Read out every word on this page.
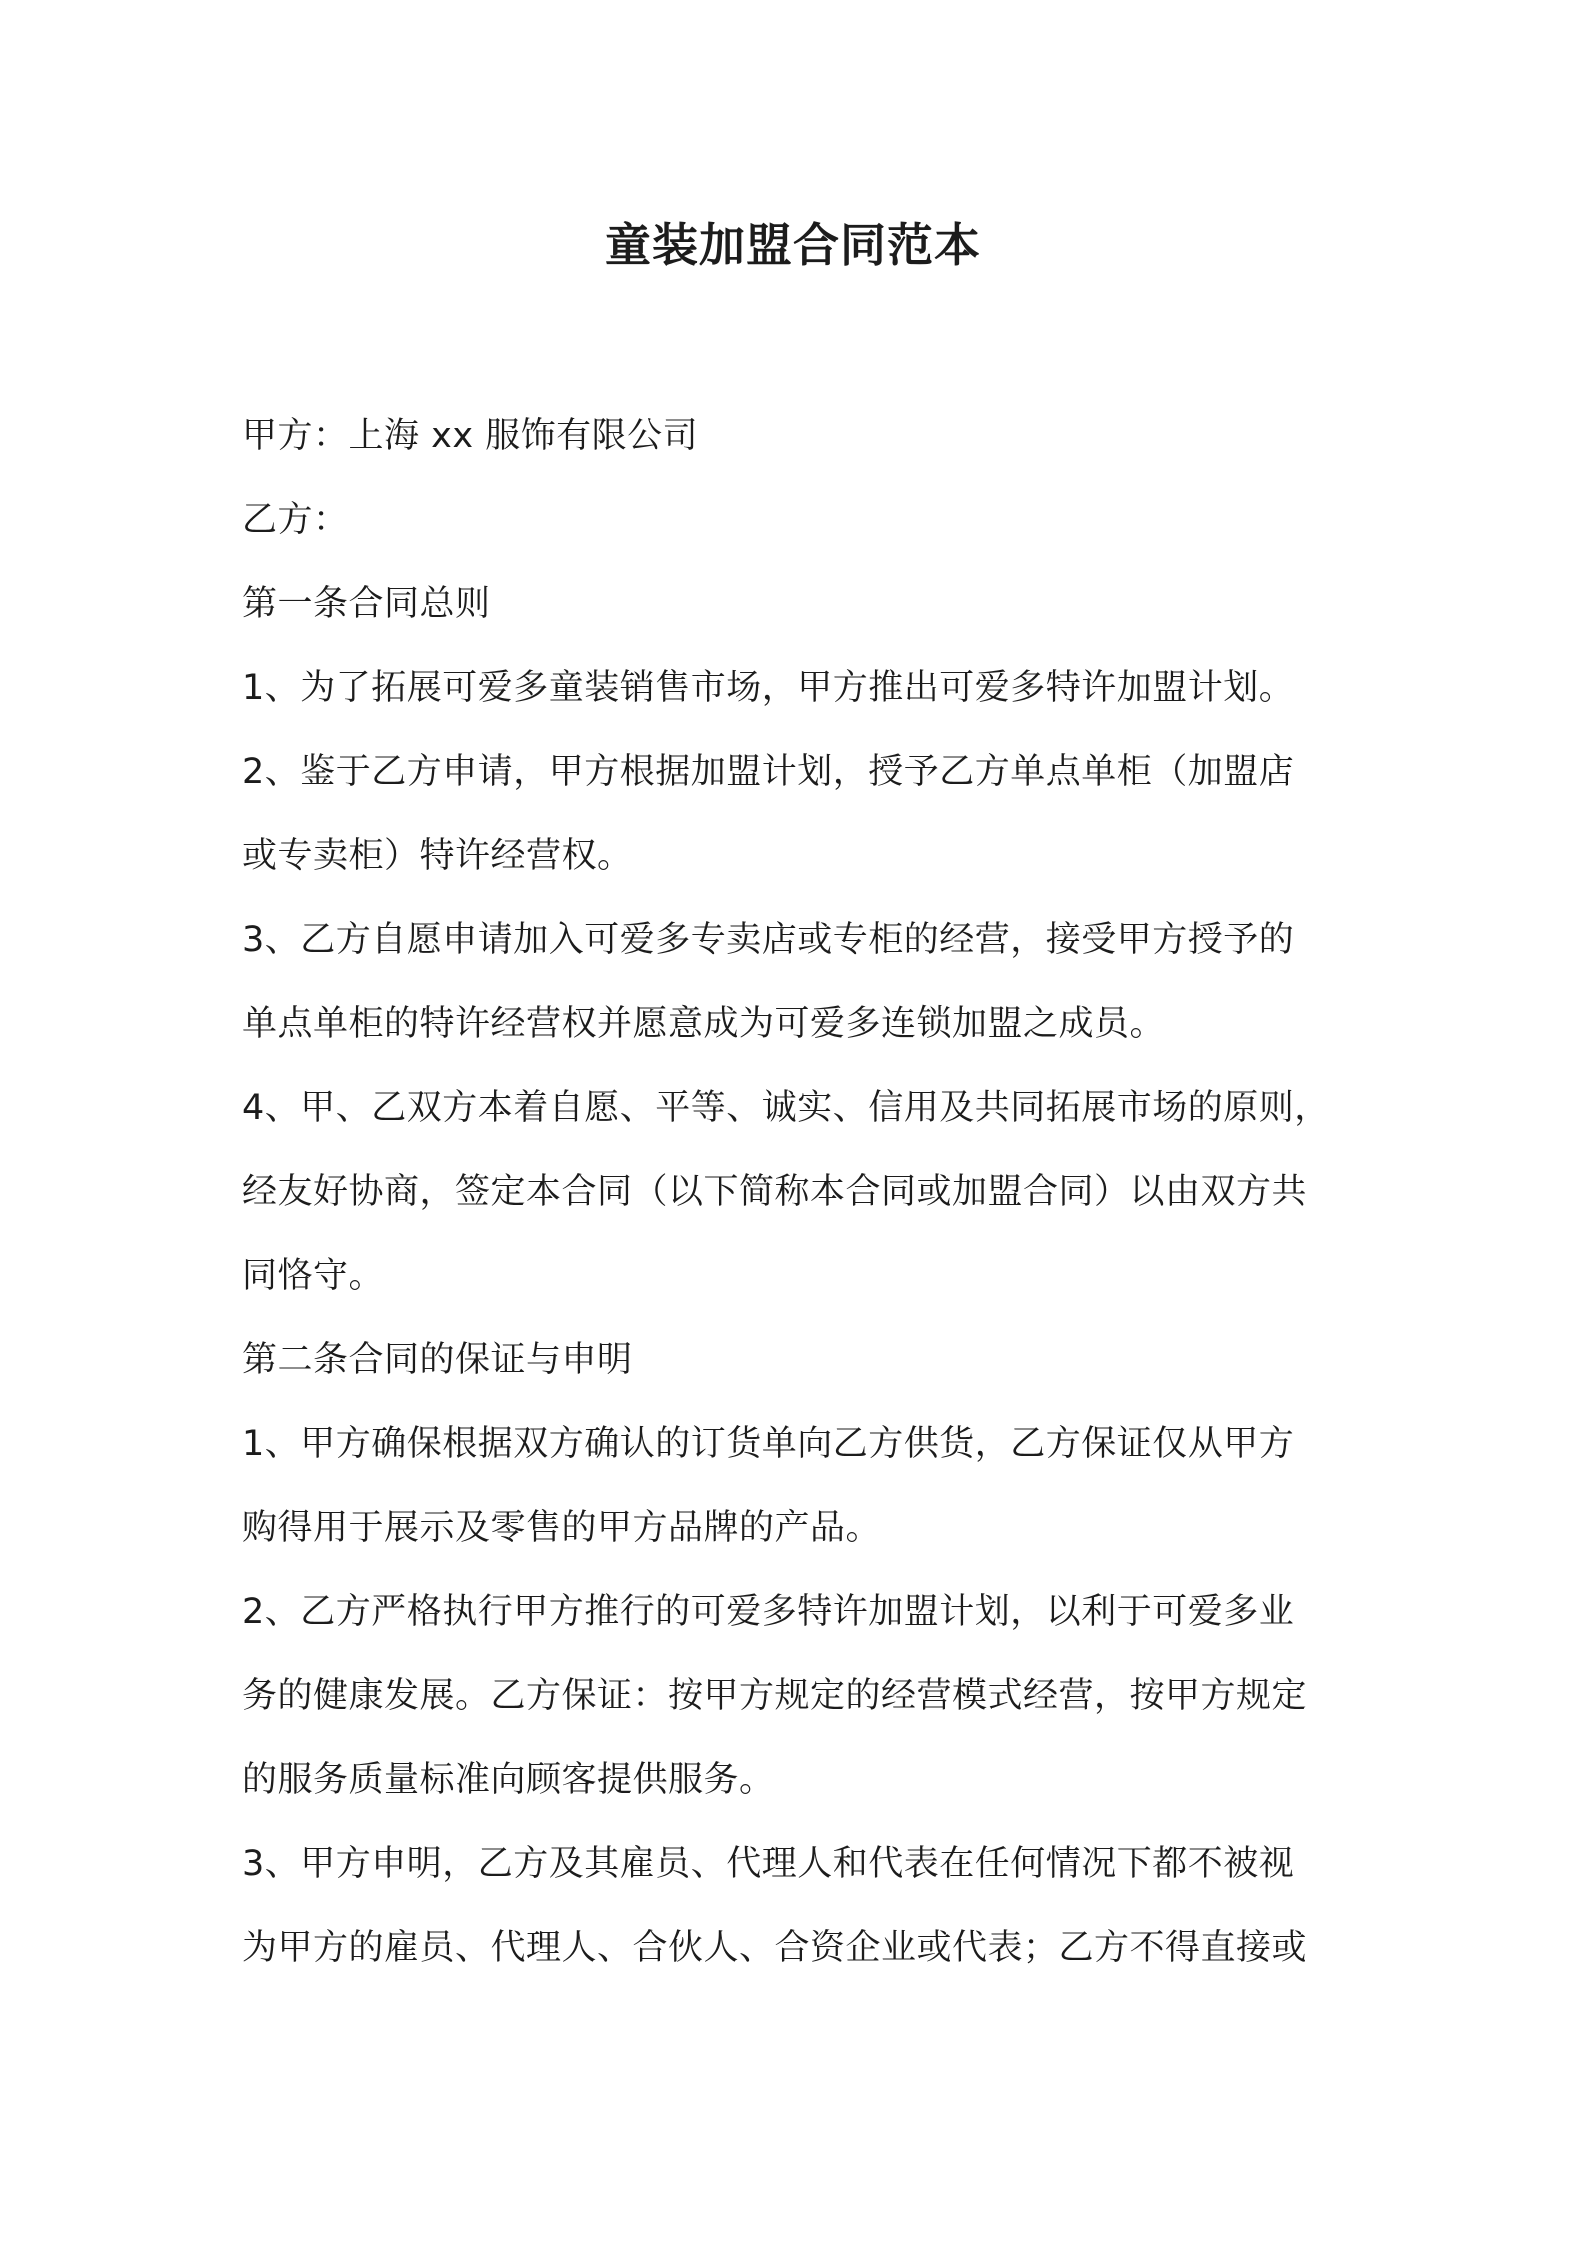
童装加盟合同范本
甲方：上海 xx 服饰有限公司
乙方：
第一条合同总则
1、为了拓展可爱多童装销售市场，甲方推出可爱多特许加盟计划。
2、鉴于乙方申请，甲方根据加盟计划，授予乙方单点单柜（加盟店
或专卖柜）特许经营权。
3、乙方自愿申请加入可爱多专卖店或专柜的经营，接受甲方授予的
单点单柜的特许经营权并愿意成为可爱多连锁加盟之成员。
4、甲、乙双方本着自愿、平等、诚实、信用及共同拓展市场的原则，
经友好协商，签定本合同（以下简称本合同或加盟合同）以由双方共
同恪守。
第二条合同的保证与申明
1、甲方确保根据双方确认的订货单向乙方供货，乙方保证仅从甲方
购得用于展示及零售的甲方品牌的产品。
2、乙方严格执行甲方推行的可爱多特许加盟计划，以利于可爱多业
务的健康发展。乙方保证：按甲方规定的经营模式经营，按甲方规定
的服务质量标准向顾客提供服务。
3、甲方申明，乙方及其雇员、代理人和代表在任何情况下都不被视
为甲方的雇员、代理人、合伙人、合资企业或代表；乙方不得直接或
